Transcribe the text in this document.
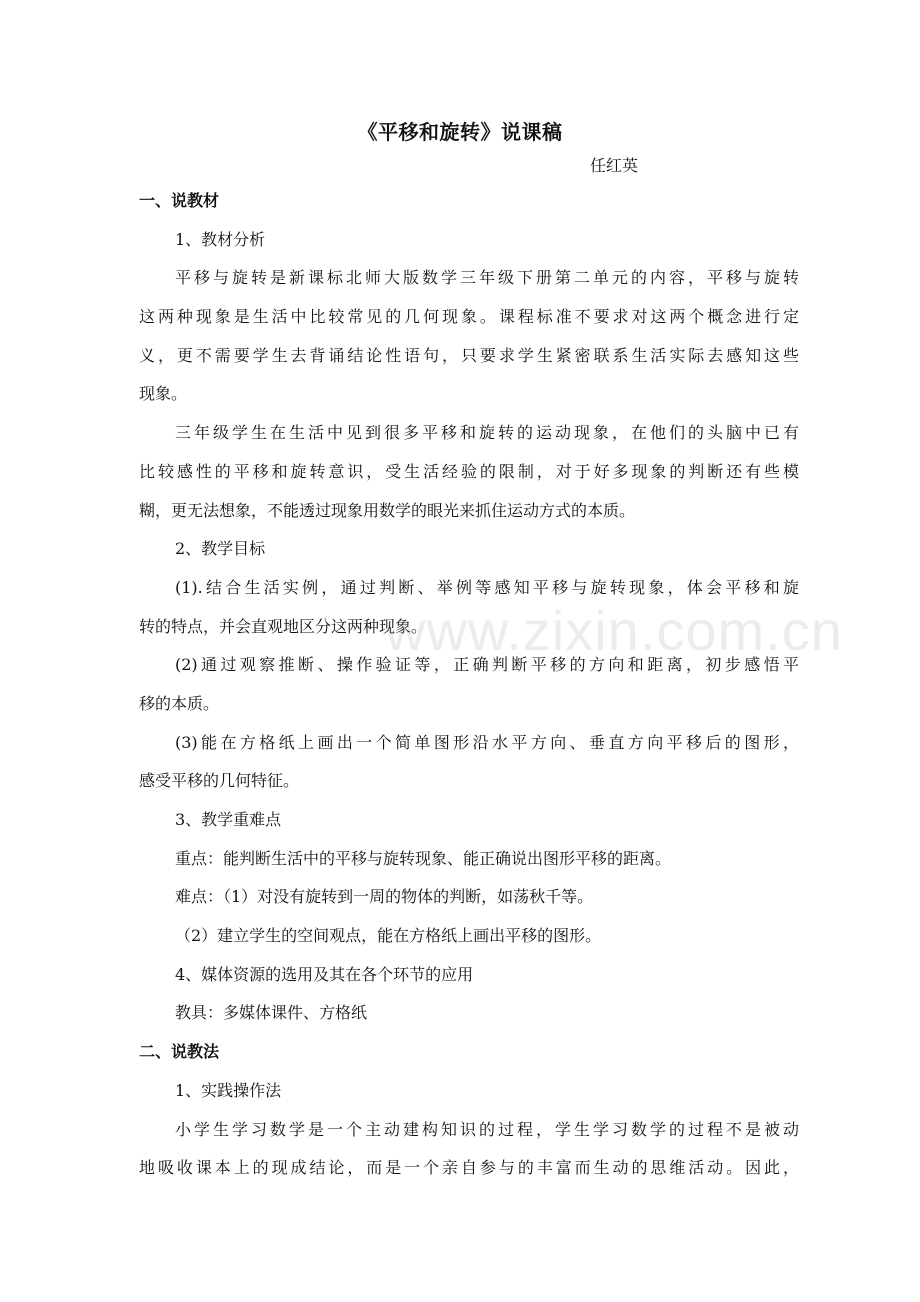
《平移和旋转》说课稿
任红英
一、说教材
1、教材分析
平移与旋转是新课标北师大版数学三年级下册第二单元的内容，平移与旋转
这两种现象是生活中比较常见的几何现象。课程标准不要求对这两个概念进行定
义，更不需要学生去背诵结论性语句，只要求学生紧密联系生活实际去感知这些
现象。
三年级学生在生活中见到很多平移和旋转的运动现象，在他们的头脑中已有
比较感性的平移和旋转意识，受生活经验的限制，对于好多现象的判断还有些模
糊，更无法想象，不能透过现象用数学的眼光来抓住运动方式的本质。
2、教学目标
(1).结合生活实例，通过判断、举例等感知平移与旋转现象，体会平移和旋
转的特点，并会直观地区分这两种现象。
(2)通过观察推断、操作验证等，正确判断平移的方向和距离，初步感悟平
移的本质。
(3)能在方格纸上画出一个简单图形沿水平方向、垂直方向平移后的图形，
感受平移的几何特征。
3、教学重难点
重点：能判断生活中的平移与旋转现象、能正确说出图形平移的距离。
难点：（1）对没有旋转到一周的物体的判断，如荡秋千等。
（2）建立学生的空间观点，能在方格纸上画出平移的图形。
4、媒体资源的选用及其在各个环节的应用
教具：多媒体课件、方格纸
二、说教法
1、实践操作法
小学生学习数学是一个主动建构知识的过程，学生学习数学的过程不是被动
地吸收课本上的现成结论，而是一个亲自参与的丰富而生动的思维活动。因此，
www.zixin.com.cn
